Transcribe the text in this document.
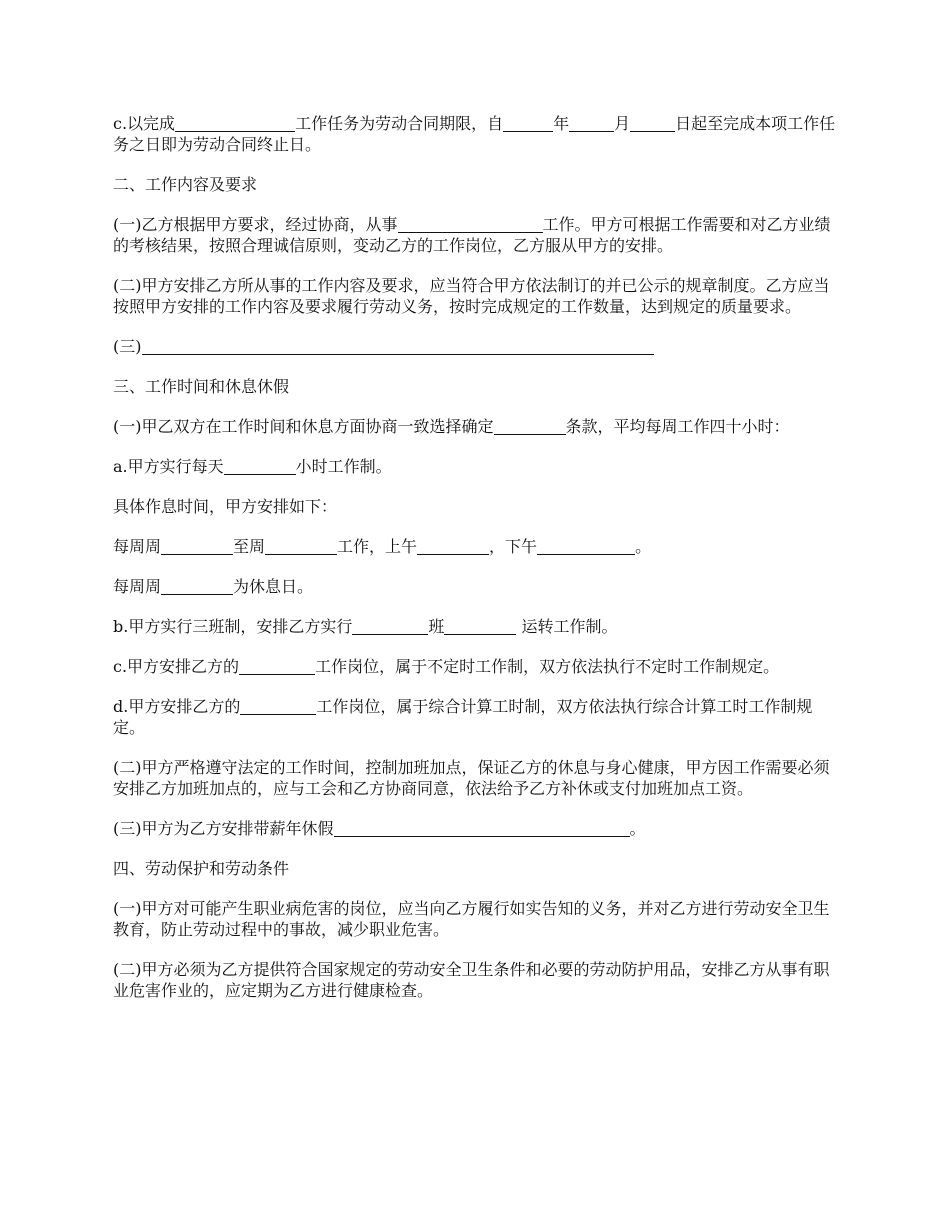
c.以完成	工作任务为劳动合同期限，自	年	月	日起至完成本项工作任务之日即为劳动合同终止日。

二、工作内容及要求

(一)乙方根据甲方要求，经过协商，从事	工作。甲方可根据工作需要和对乙方业绩的考核结果，按照合理诚信原则，变动乙方的工作岗位，乙方服从甲方的安排。

(二)甲方安排乙方所从事的工作内容及要求，应当符合甲方依法制订的并已公示的规章制度。乙方应当按照甲方安排的工作内容及要求履行劳动义务，按时完成规定的工作数量，达到规定的质量要求。

(三)

三、工作时间和休息休假

(一)甲乙双方在工作时间和休息方面协商一致选择确定	条款，平均每周工作四十小时：

a.甲方实行每天	小时工作制。

具体作息时间，甲方安排如下：

每周周	至周	工作，上午	，下午	。

每周周	为休息日。

b.甲方实行三班制，安排乙方实行	班	运转工作制。

c.甲方安排乙方的	工作岗位，属于不定时工作制，双方依法执行不定时工作制规定。

d.甲方安排乙方的	工作岗位，属于综合计算工时制，双方依法执行综合计算工时工作制规定。

(二)甲方严格遵守法定的工作时间，控制加班加点，保证乙方的休息与身心健康，甲方因工作需要必须安排乙方加班加点的，应与工会和乙方协商同意，依法给予乙方补休或支付加班加点工资。

(三)甲方为乙方安排带薪年休假	。

四、劳动保护和劳动条件

(一)甲方对可能产生职业病危害的岗位，应当向乙方履行如实告知的义务，并对乙方进行劳动安全卫生教育，防止劳动过程中的事故，减少职业危害。

(二)甲方必须为乙方提供符合国家规定的劳动安全卫生条件和必要的劳动防护用品，安排乙方从事有职业危害作业的，应定期为乙方进行健康检查。
